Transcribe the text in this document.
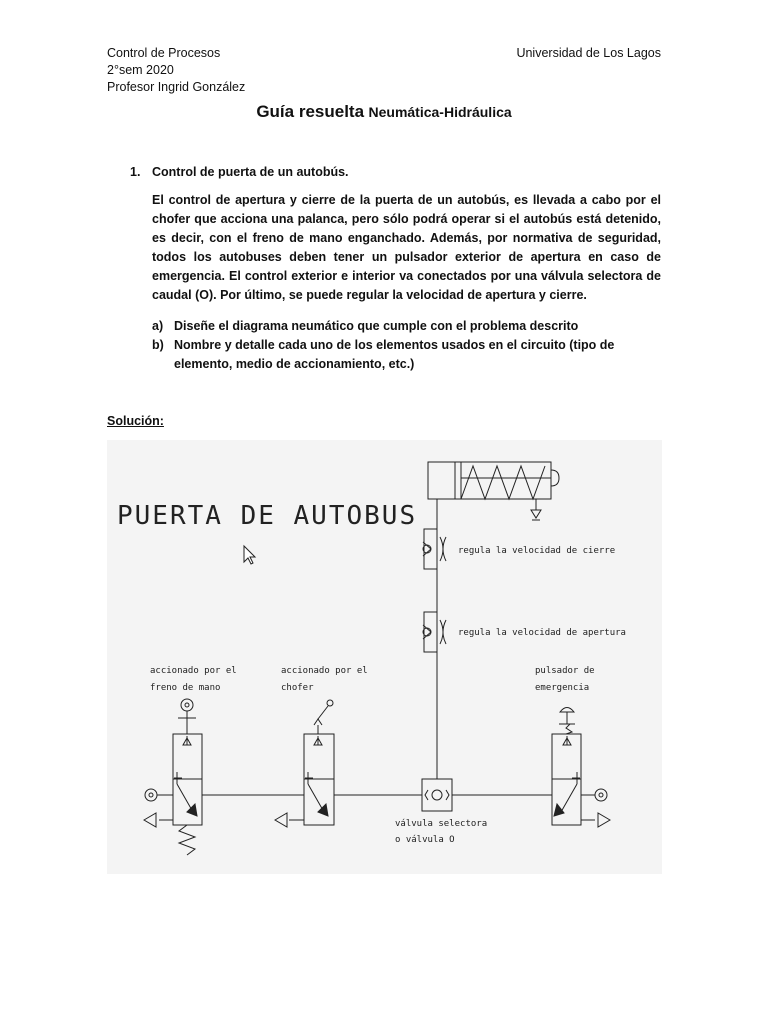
Control de Procesos
2°sem 2020
Profesor Ingrid González
Universidad de Los Lagos
Guía resuelta Neumática-Hidráulica
1. Control de puerta de un autobús.
El control de apertura y cierre de la puerta de un autobús, es llevada a cabo por el chofer que acciona una palanca, pero sólo podrá operar si el autobús está detenido, es decir, con el freno de mano enganchado. Además, por normativa de seguridad, todos los autobuses deben tener un pulsador exterior de apertura en caso de emergencia. El control exterior e interior va conectados por una válvula selectora de caudal (O). Por último, se puede regular la velocidad de apertura y cierre.
a) Diseñe el diagrama neumático que cumple con el problema descrito
b) Nombre y detalle cada uno de los elementos usados en el circuito (tipo de elemento, medio de accionamiento, etc.)
Solución:
PUERTA DE AUTOBUS
regula la velocidad de cierre
regula la velocidad de apertura
accionado por el
freno de mano
accionado por el
chofer
pulsador de
emergencia
válvula selectora
o válvula O
